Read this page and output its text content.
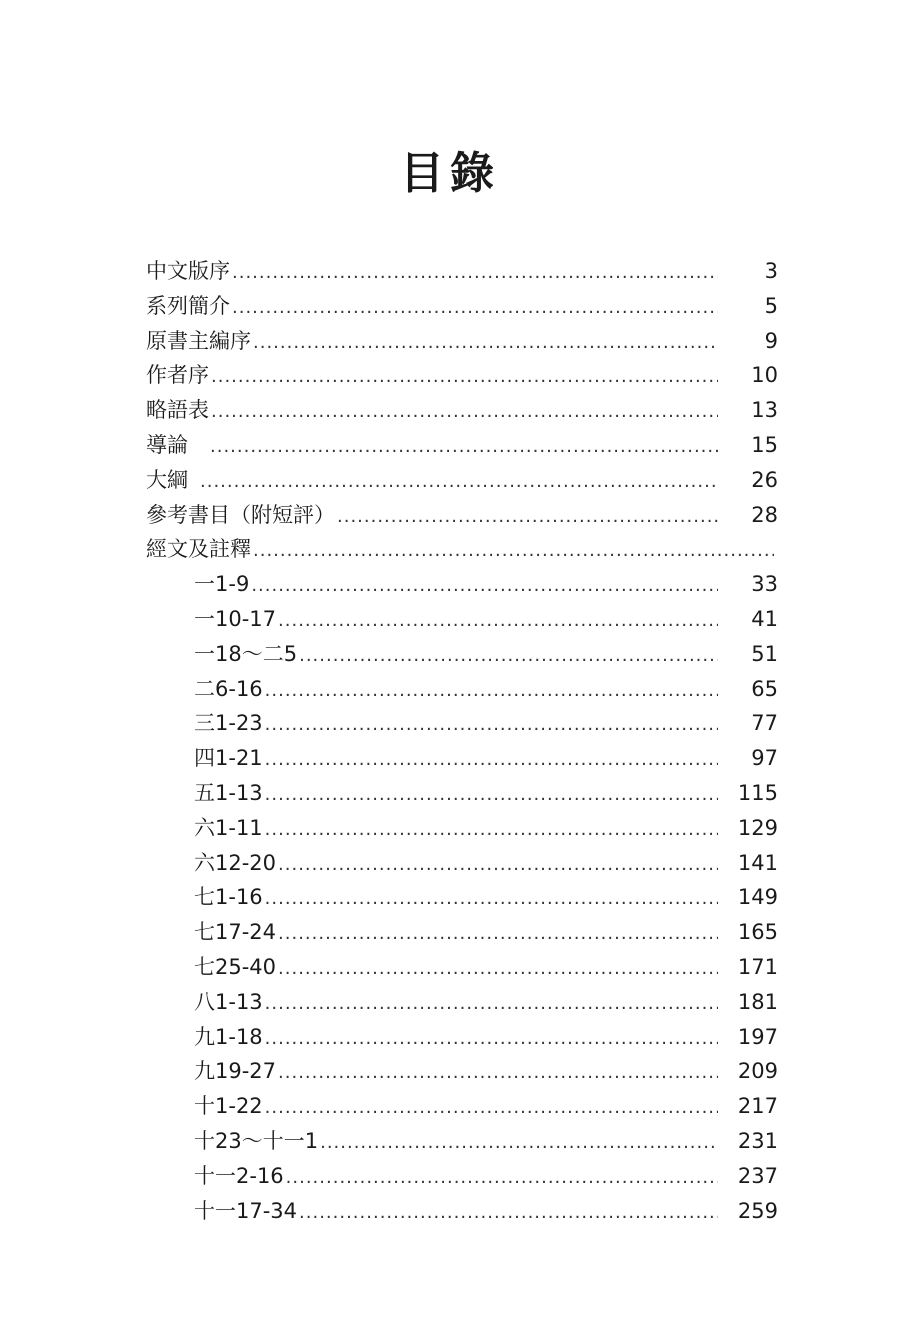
目錄
中文版序 .....	3
系列簡介 .....	5
原書主編序 .....	9
作者序 .....	10
略語表 .....	13
導論 .....	15
大綱 .....	26
參考書目（附短評） .....	28
經文及註釋
.....
一1-9 .....	33
一10-17 .....	41
一18～二5 .....	51
二6-16 .....	65
三1-23 .....	77
四1-21 .....	97
五1-13 .....	115
六1-11 .....	129
六12-20 .....	141
七1-16 .....	149
七17-24 .....	165
七25-40 .....	171
八1-13 .....	181
九1-18 .....	197
九19-27 .....	209
十1-22 .....	217
十23～十一1 .....	231
十一2-16 .....	237
十一17-34 .....	259
